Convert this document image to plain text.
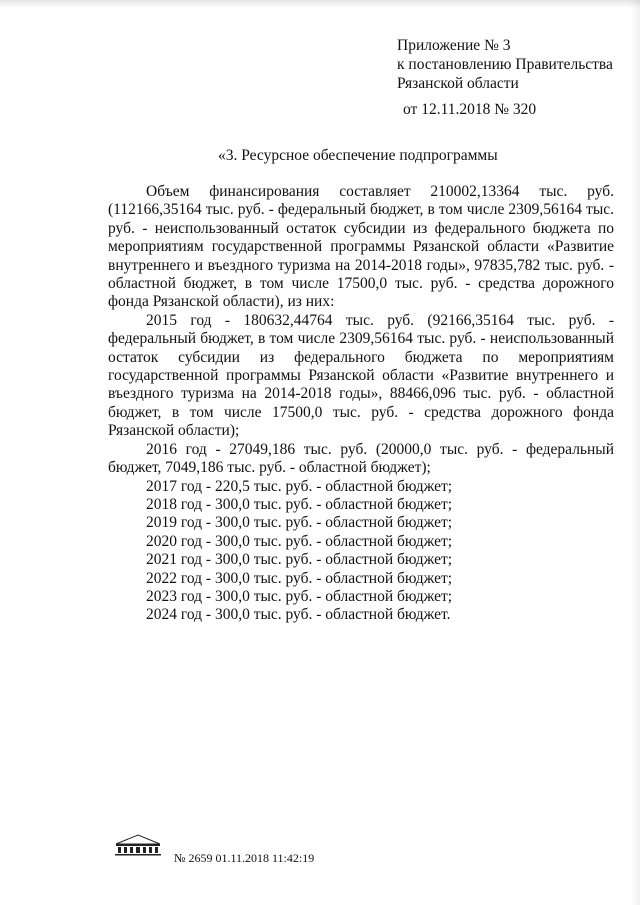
Приложение № 3
к постановлению Правительства
Рязанской области
от 12.11.2018 № 320
«3. Ресурсное обеспечение подпрограммы

Объем финансирования составляет 210002,13364 тыс. руб. (112166,35164 тыс. руб. - федеральный бюджет, в том числе 2309,56164 тыс. руб. - неиспользованный остаток субсидии из федерального бюджета по мероприятиям государственной программы Рязанской области «Развитие внутреннего и въездного туризма на 2014-2018 годы», 97835,782 тыс. руб. - областной бюджет, в том числе 17500,0 тыс. руб. - средства дорожного фонда Рязанской области), из них:

2015 год - 180632,44764 тыс. руб. (92166,35164 тыс. руб. - федеральный бюджет, в том числе 2309,56164 тыс. руб. - неиспользованный остаток субсидии из федерального бюджета по мероприятиям государственной программы Рязанской области «Развитие внутреннего и въездного туризма на 2014-2018 годы», 88466,096 тыс. руб. - областной бюджет, в том числе 17500,0 тыс. руб. - средства дорожного фонда Рязанской области);

2016 год - 27049,186 тыс. руб. (20000,0 тыс. руб. - федеральный бюджет, 7049,186 тыс. руб. - областной бюджет);

2017 год - 220,5 тыс. руб. - областной бюджет;
2018 год - 300,0 тыс. руб. - областной бюджет;
2019 год - 300,0 тыс. руб. - областной бюджет;
2020 год - 300,0 тыс. руб. - областной бюджет;
2021 год - 300,0 тыс. руб. - областной бюджет;
2022 год - 300,0 тыс. руб. - областной бюджет;
2023 год - 300,0 тыс. руб. - областной бюджет;
2024 год - 300,0 тыс. руб. - областной бюджет.
№ 2659 01.11.2018 11:42:19
